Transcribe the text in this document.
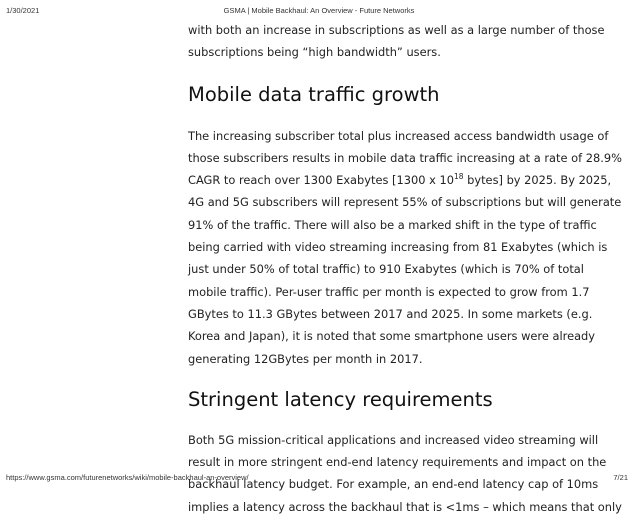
GSMA | Mobile Backhaul: An Overview - Future Networks
1/30/2021

with both an increase in subscriptions as well as a large number of those
subscriptions being “high bandwidth” users.

Mobile data traffic growth

The increasing subscriber total plus increased access bandwidth usage of
those subscribers results in mobile data traffic increasing at a rate of 28.9%
CAGR to reach over 1300 Exabytes [1300 x $10^{18}$ bytes] by 2025. By 2025,
4G and 5G subscribers will represent 55% of subscriptions but will generate
91% of the traffic. There will also be a marked shift in the type of traffic
being carried with video streaming increasing from 81 Exabytes (which is
just under 50% of total traffic) to 910 Exabytes (which is 70% of total
mobile traffic). Per-user traffic per month is expected to grow from 1.7
GBytes to 11.3 GBytes between 2017 and 2025. In some markets (e.g.
Korea and Japan), it is noted that some smartphone users were already
generating 12GBytes per month in 2017.

Stringent latency requirements

Both 5G mission-critical applications and increased video streaming will
result in more stringent end-end latency requirements and impact on the
backhaul latency budget. For example, an end-end latency cap of 10ms
implies a latency across the backhaul that is <1ms – which means that only

https://www.gsma.com/futurenetworks/wiki/mobile-backhaul-an-overview/	7/21
